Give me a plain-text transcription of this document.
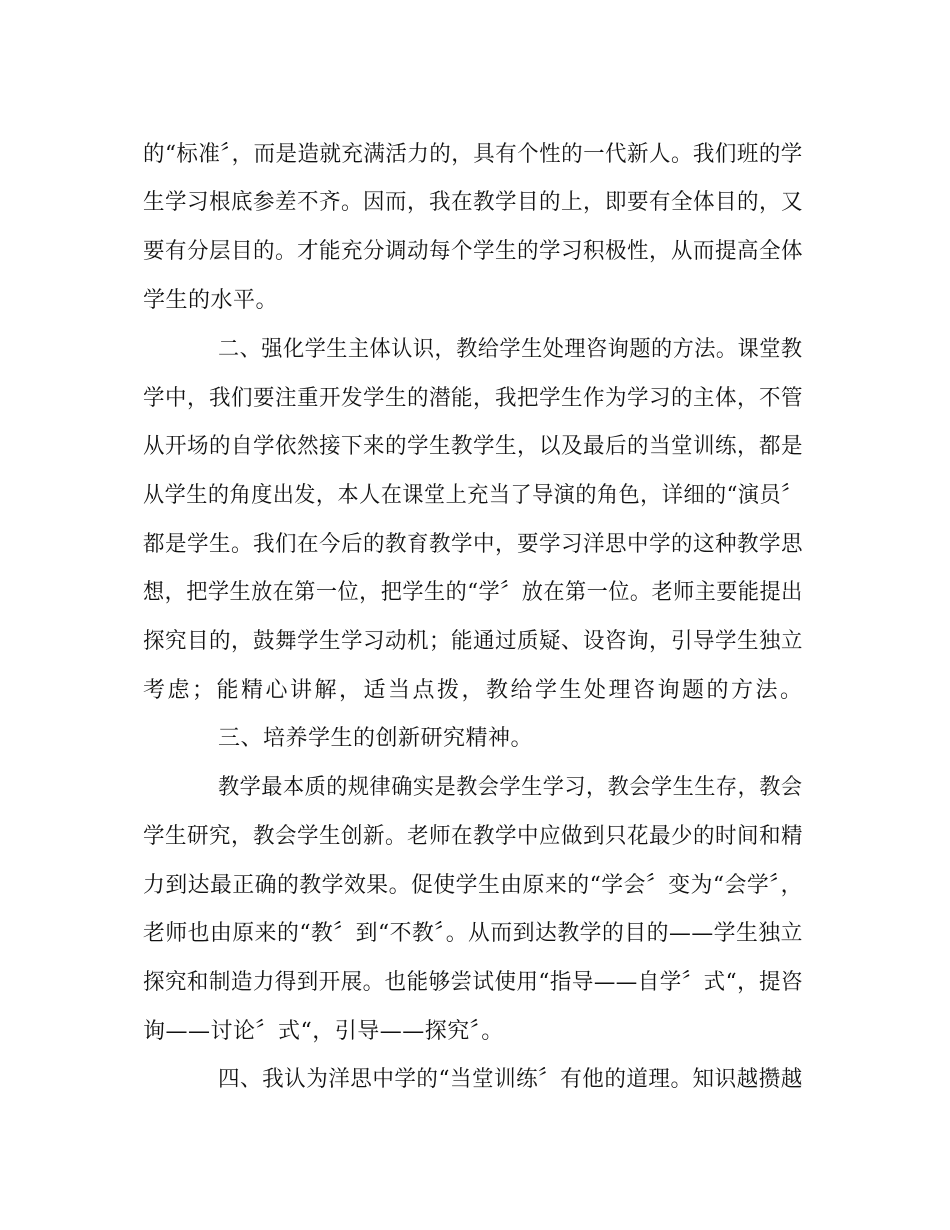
的“标准〞，而是造就充满活力的，具有个性的一代新人。我们班的学
生学习根底参差不齐。因而，我在教学目的上，即要有全体目的，又
要有分层目的。才能充分调动每个学生的学习积极性，从而提高全体
学生的水平。
二、强化学生主体认识，教给学生处理咨询题的方法。课堂教
学中，我们要注重开发学生的潜能，我把学生作为学习的主体，不管
从开场的自学依然接下来的学生教学生，以及最后的当堂训练，都是
从学生的角度出发，本人在课堂上充当了导演的角色，详细的“演员〞
都是学生。我们在今后的教育教学中，要学习洋思中学的这种教学思
想，把学生放在第一位，把学生的“学〞放在第一位。老师主要能提出
探究目的，鼓舞学生学习动机；能通过质疑、设咨询，引导学生独立
考虑；能精心讲解，适当点拨，教给学生处理咨询题的方法。
三、培养学生的创新研究精神。
教学最本质的规律确实是教会学生学习，教会学生生存，教会
学生研究，教会学生创新。老师在教学中应做到只花最少的时间和精
力到达最正确的教学效果。促使学生由原来的“学会〞变为“会学〞，
老师也由原来的“教〞到“不教〞。从而到达教学的目的——学生独立
探究和制造力得到开展。也能够尝试使用“指导——自学〞式“，提咨
询——讨论〞式“，引导——探究〞。
四、我认为洋思中学的“当堂训练〞有他的道理。知识越攒越
